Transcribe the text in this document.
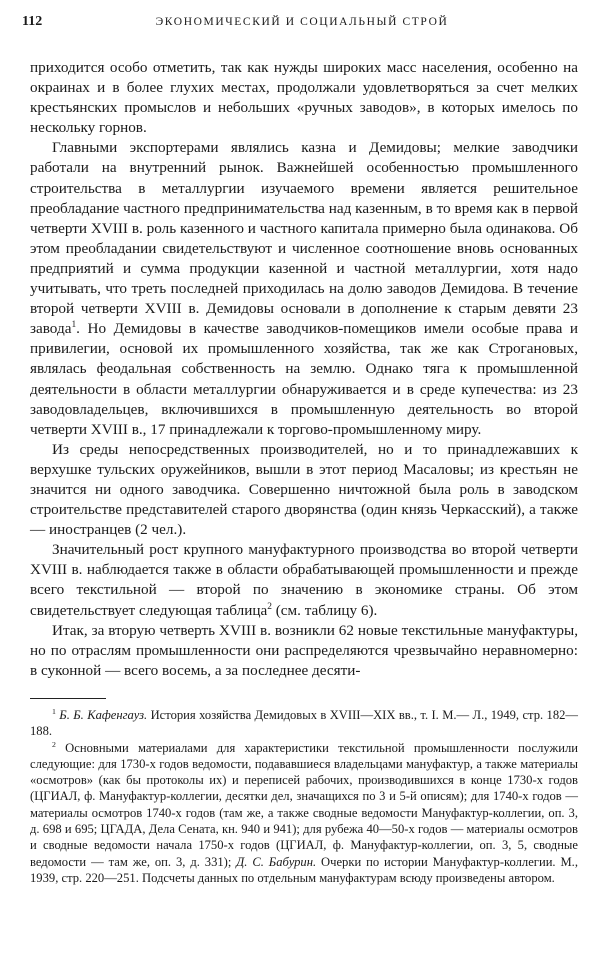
112	ЭКОНОМИЧЕСКИЙ И СОЦИАЛЬНЫЙ СТРОЙ

приходится особо отметить, так как нужды широких масс населения, особенно на окраинах и в более глухих местах, продолжали удовлетворяться за счет мелких крестьянских промыслов и небольших «ручных заводов», в которых имелось по нескольку горнов.

Главными экспортерами являлись казна и Демидовы; мелкие заводчики работали на внутренний рынок. Важнейшей особенностью промышленного строительства в металлургии изучаемого времени является решительное преобладание частного предпринимательства над казенным, в то время как в первой четверти XVIII в. роль казенного и частного капитала примерно была одинакова. Об этом преобладании свидетельствуют и численное соотношение вновь основанных предприятий и сумма продукции казенной и частной металлургии, хотя надо учитывать, что треть последней приходилась на долю заводов Демидова. В течение второй четверти XVIII в. Демидовы основали в дополнение к старым девяти 23 завода$^1$. Но Демидовы в качестве заводчиков-помещиков имели особые права и привилегии, основой их промышленного хозяйства, так же как Строгановых, являлась феодальная собственность на землю. Однако тяга к промышленной деятельности в области металлургии обнаруживается и в среде купечества: из 23 заводовладельцев, включившихся в промышленную деятельность во второй четверти XVIII в., 17 принадлежали к торгово-промышленному миру.

Из среды непосредственных производителей, но и то принадлежавших к верхушке тульских оружейников, вышли в этот период Масаловы; из крестьян не значится ни одного заводчика. Совершенно ничтожной была роль в заводском строительстве представителей старого дворянства (один князь Черкасский), а также — иностранцев (2 чел.).

Значительный рост крупного мануфактурного производства во второй четверти XVIII в. наблюдается также в области обрабатывающей промышленности и прежде всего текстильной — второй по значению в экономике страны. Об этом свидетельствует следующая таблица$^2$ (см. таблицу 6).

Итак, за вторую четверть XVIII в. возникли 62 новые текстильные мануфактуры, но по отраслям промышленности они распределяются чрезвычайно неравномерно: в суконной — всего восемь, а за последнее десяти-

$^1$ Б. Б. Кафенгауз. История хозяйства Демидовых в XVIII—XIX вв., т. I. М.— Л., 1949, стр. 182—188.

$^2$ Основными материалами для характеристики текстильной промышленности послужили следующие: для 1730-х годов ведомости, подававшиеся владельцами мануфактур, а также материалы «осмотров» (как бы протоколы их) и переписей рабочих, производившихся в конце 1730-х годов (ЦГИАЛ, ф. Мануфактур-коллегии, десятки дел, значащихся по 3 и 5-й описям); для 1740-х годов — материалы осмотров 1740-х годов (там же, а также сводные ведомости Мануфактур-коллегии, оп. 3, д. 698 и 695; ЦГАДА, Дела Сената, кн. 940 и 941); для рубежа 40—50-х годов — материалы осмотров и сводные ведомости начала 1750-х годов (ЦГИАЛ, ф. Мануфактур-коллегии, оп. 3, 5, сводные ведомости — там же, оп. 3, д. 331); Д. С. Бабурин. Очерки по истории Мануфактур-коллегии. М., 1939, стр. 220—251. Подсчеты данных по отдельным мануфактурам всюду произведены автором.
